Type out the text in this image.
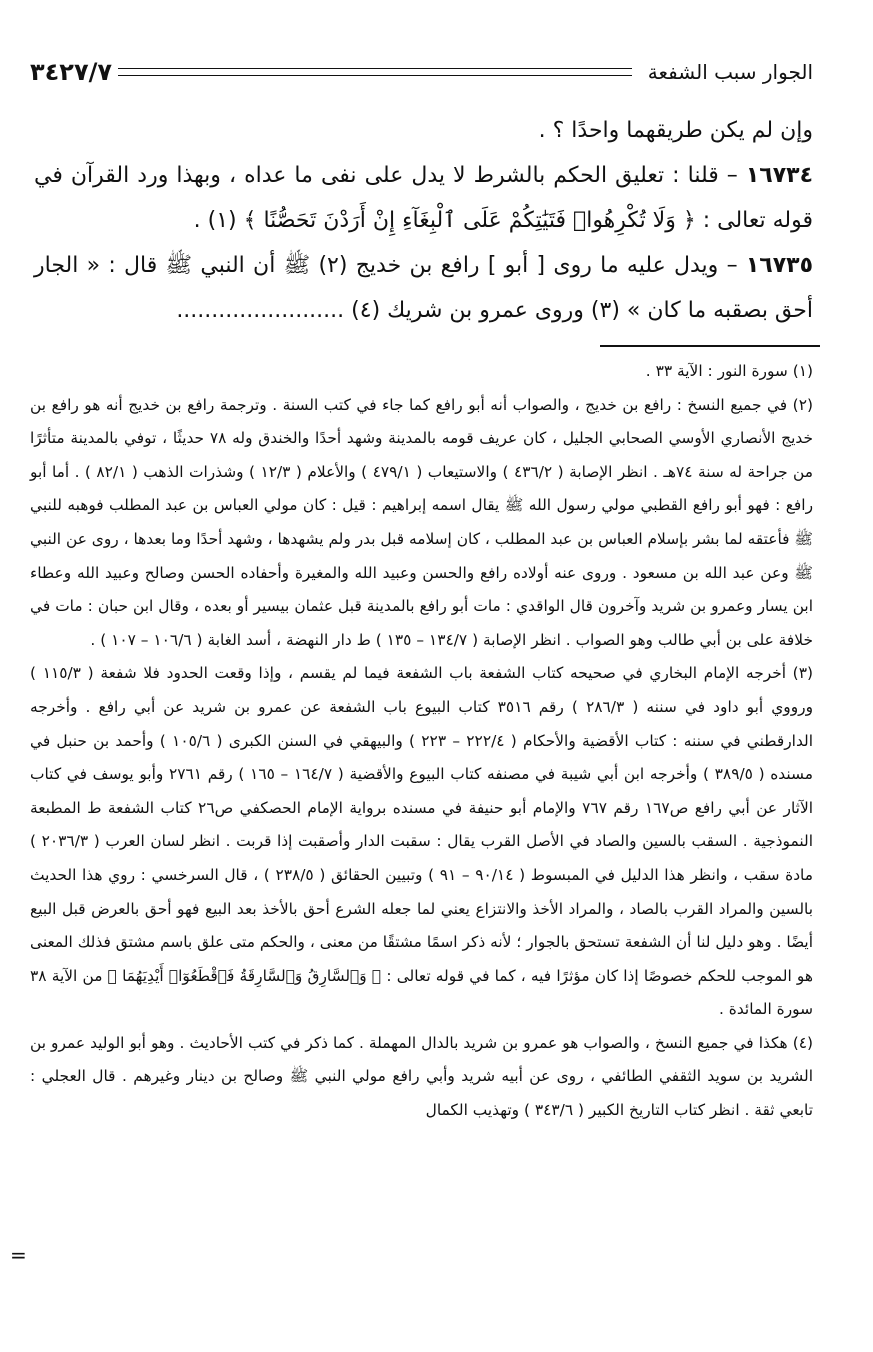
الجوار سبب الشفعة
٣٤٢٧/٧

وإن لم يكن طريقهما واحدًا ؟ .

١٦٧٣٤ – قلنا : تعليق الحكم بالشرط لا يدل على نفى ما عداه ، وبهذا ورد القرآن في قوله تعالى : ﴿ وَلَا تُكْرِهُوا۟ فَتَيَٰتِكُمْ عَلَى ٱلْبِغَآءِ إِنْ أَرَدْنَ تَحَصُّنًا ﴾ (١) .

١٦٧٣٥ – ويدل عليه ما روى [ أبو ] رافع بن خديج (٢) ﷺ أن النبي ﷺ قال : « الجار أحق بصقبه ما كان » (٣) وروى عمرو بن شريك (٤) ........................

(١) سورة النور : الآية ٣٣ .

(٢) في جميع النسخ : رافع بن خديج ، والصواب أنه أبو رافع كما جاء في كتب السنة . وترجمة رافع بن خديج أنه هو رافع بن خديج الأنصاري الأوسي الصحابي الجليل ، كان عريف قومه بالمدينة وشهد أحدًا والخندق وله ٧٨ حديثًا ، توفي بالمدينة متأثرًا من جراحة له سنة ٧٤هـ . انظر الإصابة ( ٤٣٦/٢ ) والاستيعاب ( ٤٧٩/١ ) والأعلام ( ١٢/٣ ) وشذرات الذهب ( ٨٢/١ ) . أما أبو رافع : فهو أبو رافع القطبي مولي رسول الله ﷺ يقال اسمه إبراهيم : قيل : كان مولي العباس بن عبد المطلب فوهبه للنبي ﷺ فأعتقه لما بشر بإسلام العباس بن عبد المطلب ، كان إسلامه قبل بدر ولم يشهدها ، وشهد أحدًا وما بعدها ، روى عن النبي ﷺ وعن عبد الله بن مسعود . وروى عنه أولاده رافع والحسن وعبيد الله والمغيرة وأحفاده الحسن وصالح وعبيد الله وعطاء ابن يسار وعمرو بن شريد وآخرون قال الواقدي : مات أبو رافع بالمدينة قبل عثمان بيسير أو بعده ، وقال ابن حبان : مات في خلافة على بن أبي طالب وهو الصواب . انظر الإصابة ( ١٣٤/٧ – ١٣٥ ) ط دار النهضة ، أسد الغابة ( ١٠٦/٦ – ١٠٧ ) .

(٣) أخرجه الإمام البخاري في صحيحه كتاب الشفعة باب الشفعة فيما لم يقسم ، وإذا وقعت الحدود فلا شفعة ( ١١٥/٣ ) ورووي أبو داود في سننه ( ٢٨٦/٣ ) رقم ٣٥١٦ كتاب البيوع باب الشفعة عن عمرو بن شريد عن أبي رافع . وأخرجه الدارقطني في سننه : كتاب الأقضية والأحكام ( ٢٢٢/٤ – ٢٢٣ ) والبيهقي في السنن الكبرى ( ١٠٥/٦ ) وأحمد بن حنبل في مسنده ( ٣٨٩/٥ ) وأخرجه ابن أبي شيبة في مصنفه كتاب البيوع والأقضية ( ١٦٤/٧ – ١٦٥ ) رقم ٢٧٦١ وأبو يوسف في كتاب الآثار عن أبي رافع ص١٦٧ رقم ٧٦٧ والإمام أبو حنيفة في مسنده برواية الإمام الحصكفي ص٢٦ كتاب الشفعة ط المطبعة النموذجية . السقب بالسين والصاد في الأصل القرب يقال : سقبت الدار وأصقبت إذا قربت . انظر لسان العرب ( ٢٠٣٦/٣ ) مادة سقب ، وانظر هذا الدليل في المبسوط ( ٩٠/١٤ – ٩١ ) وتبيين الحقائق ( ٢٣٨/٥ ) ، قال السرخسي : روي هذا الحديث بالسين والمراد القرب بالصاد ، والمراد الأخذ والانتزاع يعني لما جعله الشرع أحق بالأخذ بعد البيع فهو أحق بالعرض قبل البيع أيضًا . وهو دليل لنا أن الشفعة تستحق بالجوار ؛ لأنه ذكر اسمًا مشتقًا من معنى ، والحكم متى علق باسم مشتق فذلك المعنى هو الموجب للحكم خصوصًا إذا كان مؤثرًا فيه ، كما في قوله تعالى : ﴿ وَٱلسَّارِقُ وَٱلسَّارِقَةُ فَٱقْطَعُوٓا۟ أَيْدِيَهُمَا ﴾ من الآية ٣٨ سورة المائدة .

(٤) هكذا في جميع النسخ ، والصواب هو عمرو بن شريد بالدال المهملة . كما ذكر في كتب الأحاديث . وهو أبو الوليد عمرو بن الشريد بن سويد الثقفي الطائفي ، روى عن أبيه شريد وأبي رافع مولي النبي ﷺ وصالح بن دينار وغيرهم . قال العجلي : تابعي ثقة . انظر كتاب التاريخ الكبير ( ٣٤٣/٦ ) وتهذيب الكمال

=
